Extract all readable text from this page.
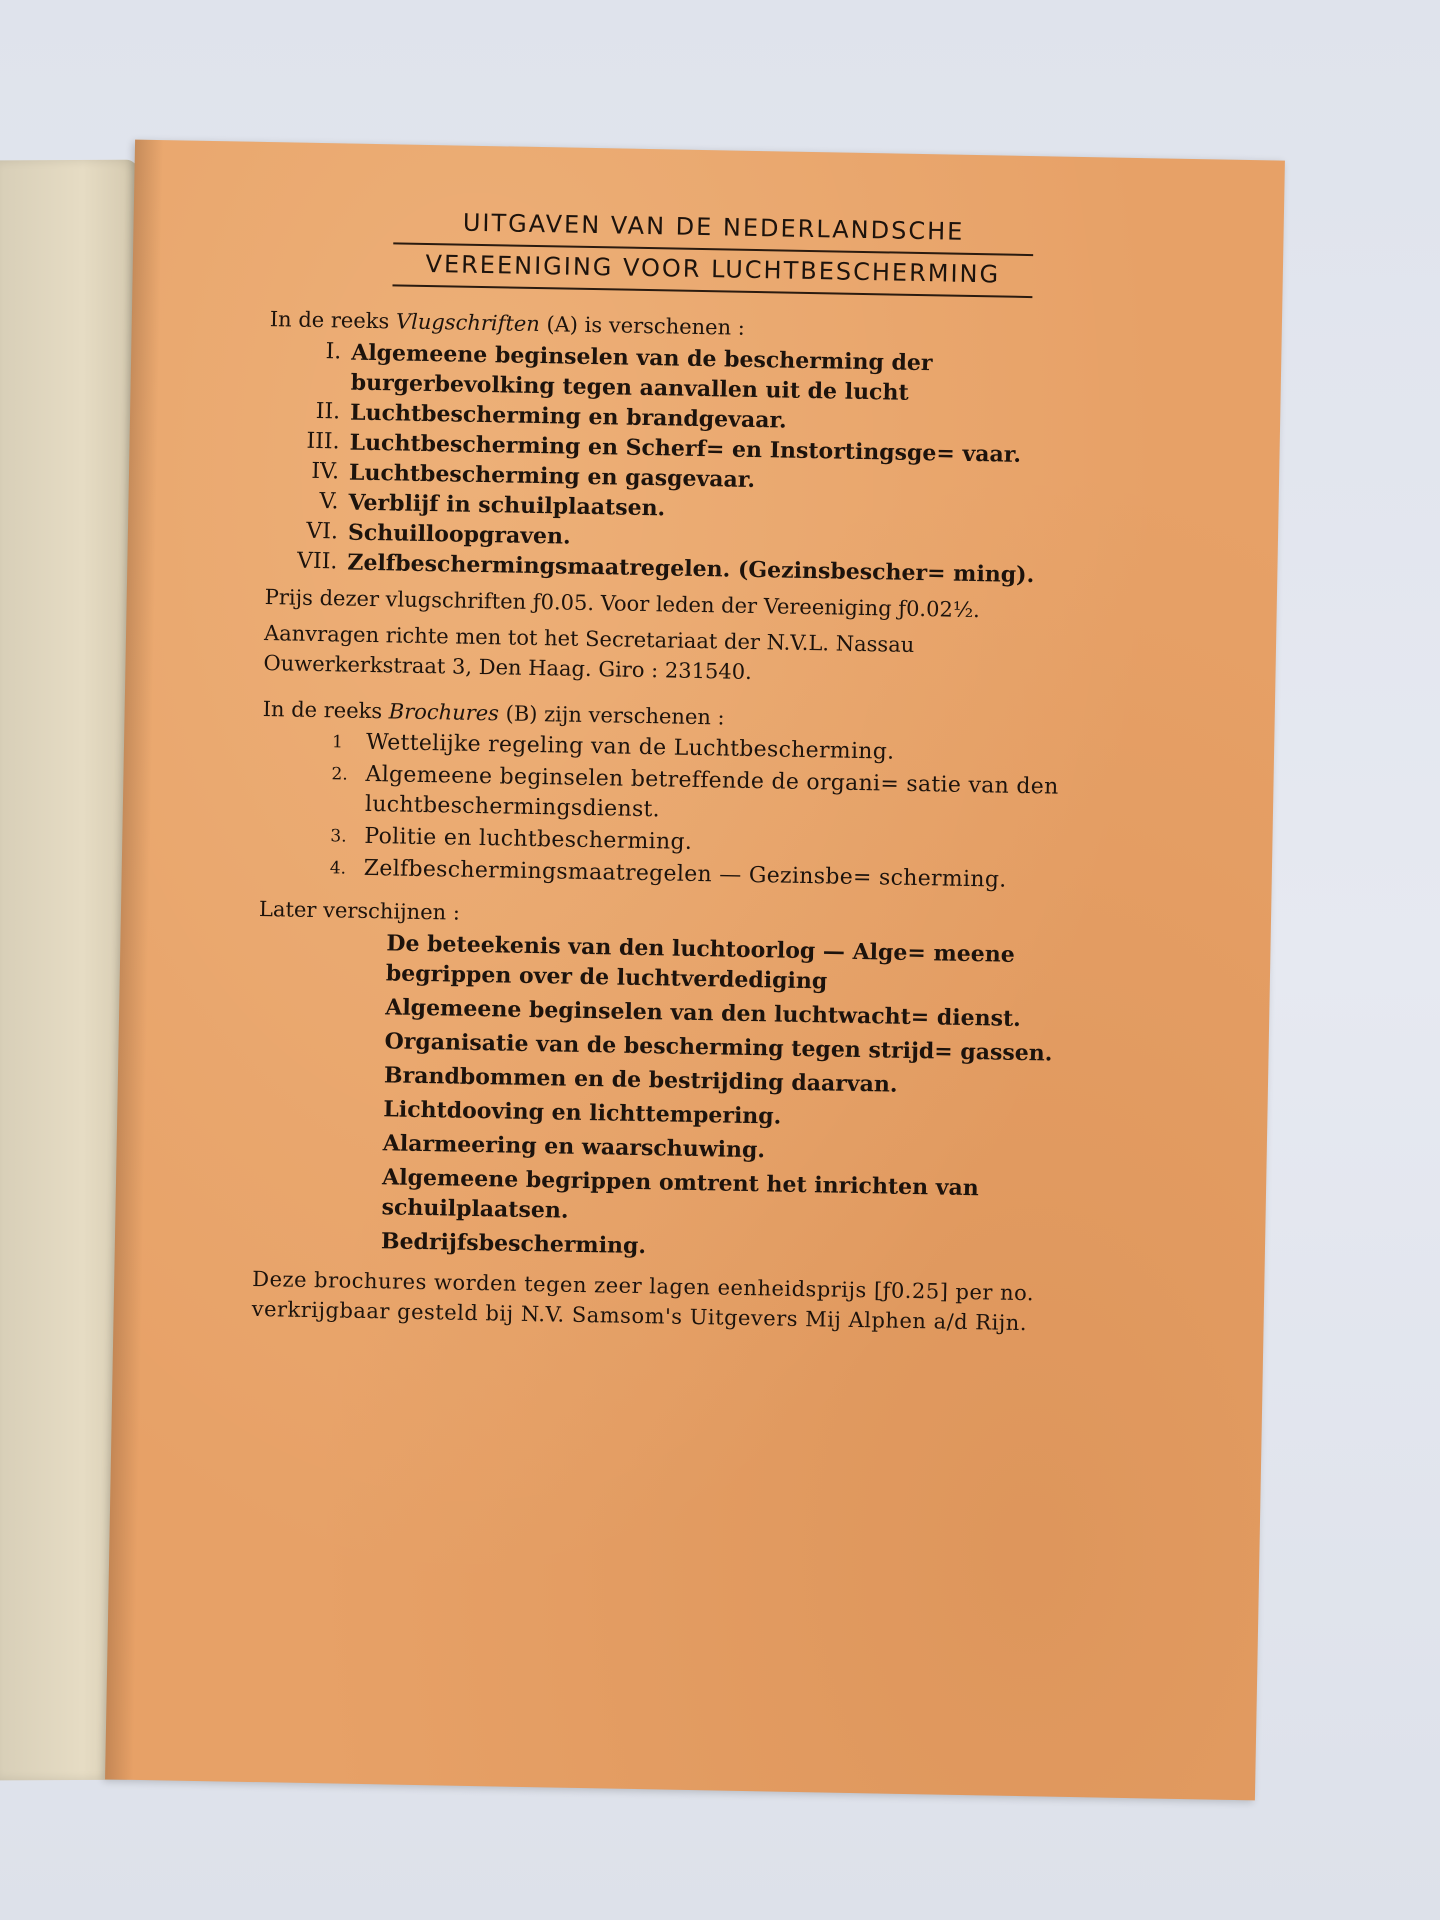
UITGAVEN VAN DE NEDERLANDSCHE
VEREENIGING VOOR LUCHTBESCHERMING
In de reeks Vlugschriften (A) is verschenen :
I. Algemeene beginselen van de bescherming der burgerbevolking tegen aanvallen uit de lucht
II. Luchtbescherming en brandgevaar.
III. Luchtbescherming en Scherf= en Instortingsge= vaar.
IV. Luchtbescherming en gasgevaar.
V. Verblijf in schuilplaatsen.
VI. Schuilloopgraven.
VII. Zelfbeschermingsmaatregelen. (Gezinsbescher= ming).
Prijs dezer vlugschriften ƒ0.05. Voor leden der Vereeniging ƒ0.02½.
Aanvragen richte men tot het Secretariaat der N.V.L. Nassau Ouwerkerkstraat 3, Den Haag. Giro : 231540.
In de reeks Brochures (B) zijn verschenen :
1	Wettelijke regeling van de Luchtbescherming.
2. Algemeene beginselen betreffende de organi= satie van den luchtbeschermingsdienst.
3. Politie en luchtbescherming.
4. Zelfbeschermingsmaatregelen — Gezinsbe= scherming.
Later verschijnen :
De beteekenis van den luchtoorlog — Alge= meene begrippen over de luchtverdediging
Algemeene beginselen van den luchtwacht= dienst.
Organisatie van de bescherming tegen strijd= gassen.
Brandbommen en de bestrijding daarvan.
Lichtdooving en lichttempering.
Alarmeering en waarschuwing.
Algemeene begrippen omtrent het inrichten van schuilplaatsen.
Bedrijfsbescherming.
Deze brochures worden tegen zeer lagen eenheidsprijs [ƒ0.25] per no. verkrijgbaar gesteld bij N.V. Samsom's Uitgevers Mij Alphen a/d Rijn.
